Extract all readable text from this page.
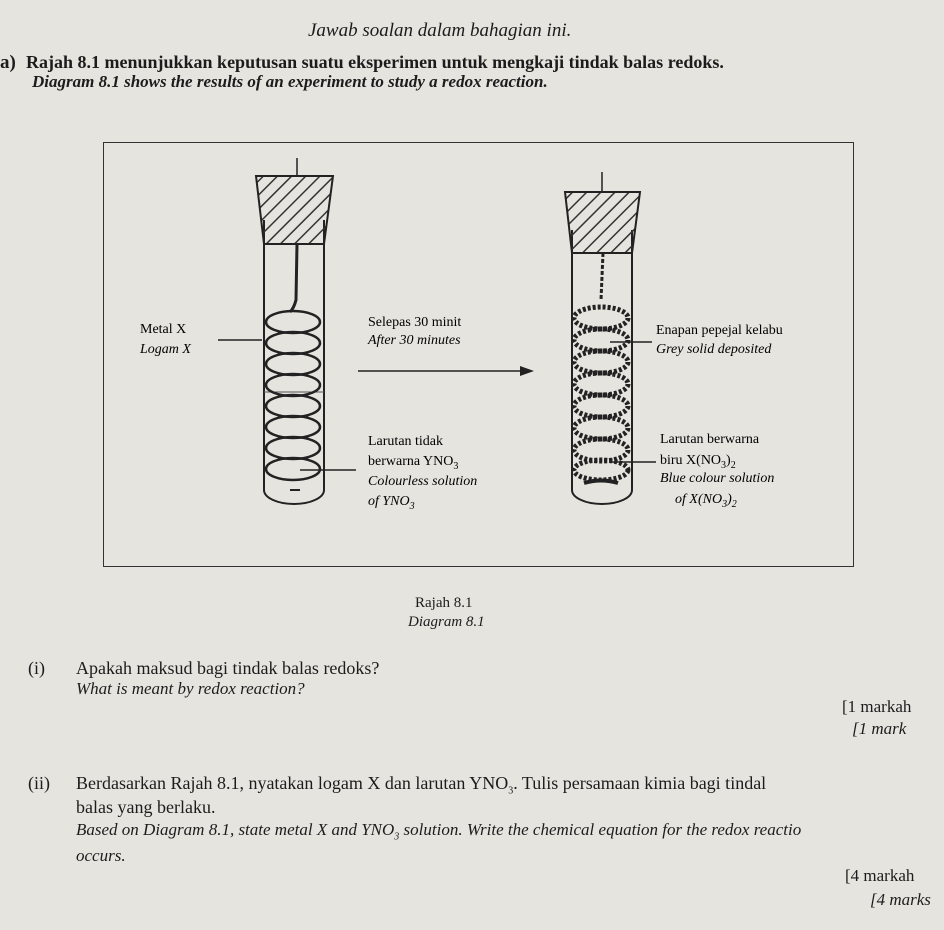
Jawab soalan dalam bahagian ini.
a) Rajah 8.1 menunjukkan keputusan suatu eksperimen untuk mengkaji tindak balas redoks.
Diagram 8.1 shows the results of an experiment to study a redox reaction.
Metal X
Logam X
Selepas 30 minit
After 30 minutes
Larutan tidak
berwarna $YNO_3$
Colourless solution
of $YNO_3$
Enapan pepejal kelabu
Grey solid deposited
Larutan berwarna
biru $X(NO_3)_2$
Blue colour solution
of $X(NO_3)_2$
Rajah 8.1
Diagram 8.1
(i) Apakah maksud bagi tindak balas redoks?
What is meant by redox reaction?
[1 markah
[1 mark
(ii) Berdasarkan Rajah 8.1, nyatakan logam X dan larutan $YNO_3$. Tulis persamaan kimia bagi tindal
balas yang berlaku.
Based on Diagram 8.1, state metal X and $YNO_3$ solution. Write the chemical equation for the redox reactio
occurs.
[4 markah
[4 marks
